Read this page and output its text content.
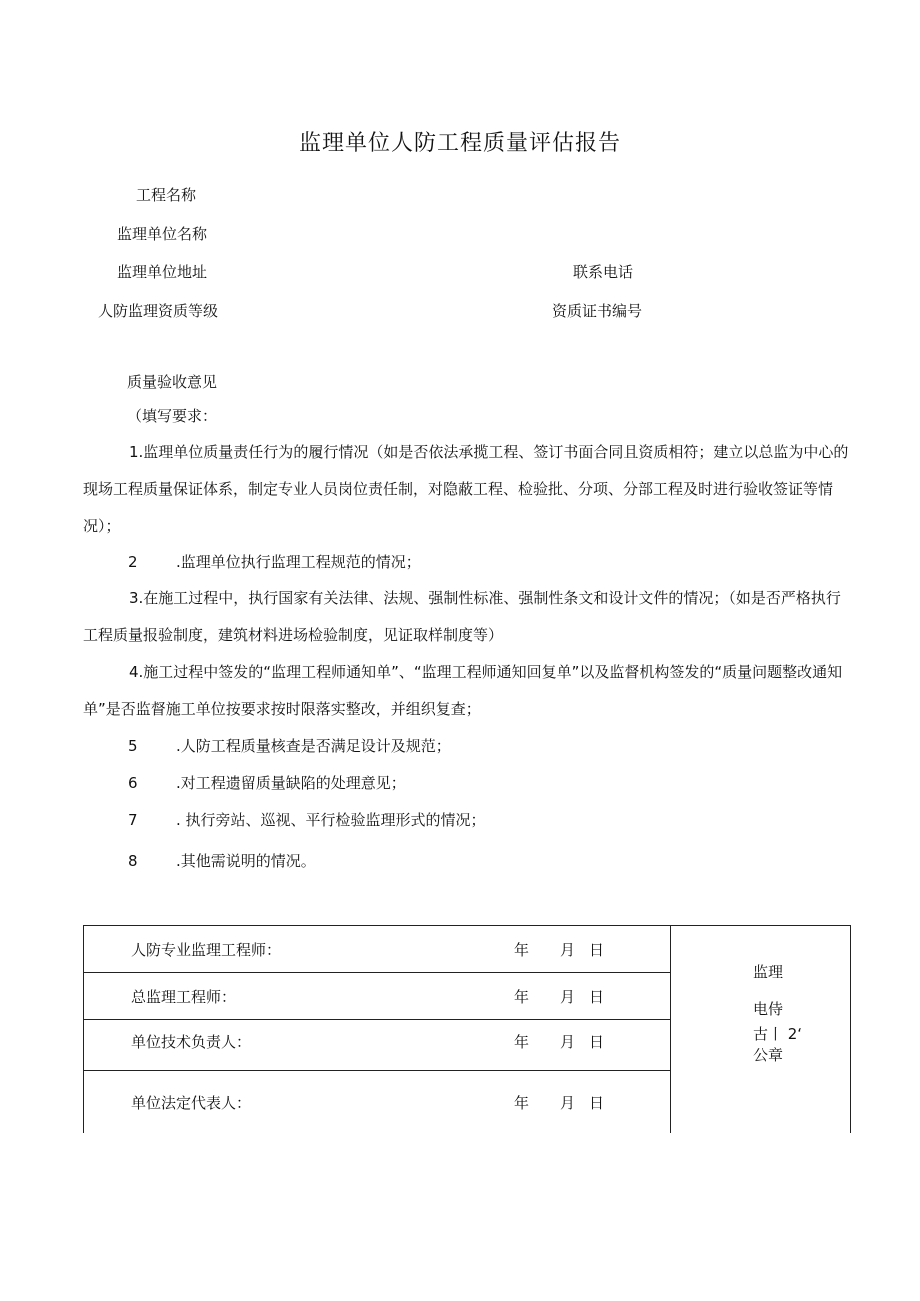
监理单位人防工程质量评估报告
工程名称
监理单位名称
监理单位地址	联系电话
人防监理资质等级	资质证书编号
质量验收意见
（填写要求：
1.监理单位质量责任行为的履行情况（如是否依法承揽工程、签订书面合同且资质相符；建立以总监为中心的现场工程质量保证体系，制定专业人员岗位责任制，对隐蔽工程、检验批、分项、分部工程及时进行验收签证等情况）；
2	.监理单位执行监理工程规范的情况；
3.在施工过程中，执行国家有关法律、法规、强制性标准、强制性条文和设计文件的情况；（如是否严格执行工程质量报验制度，建筑材料进场检验制度，见证取样制度等）
4.施工过程中签发的“监理工程师通知单”、“监理工程师通知回复单”以及监督机构签发的“质量问题整改通知单”是否监督施工单位按要求按时限落实整改，并组织复查；
5	.人防工程质量核查是否满足设计及规范；
6	.对工程遗留质量缺陷的处理意见；
7	. 执行旁站、巡视、平行检验监理形式的情况；
8	.其他需说明的情况。
人防专业监理工程师：	年 月 日
总监理工程师：	年 月 日
单位技术负责人：	年 月 日
单位法定代表人：	年 月 日
监理
电侍
古丨 2‘
公章
